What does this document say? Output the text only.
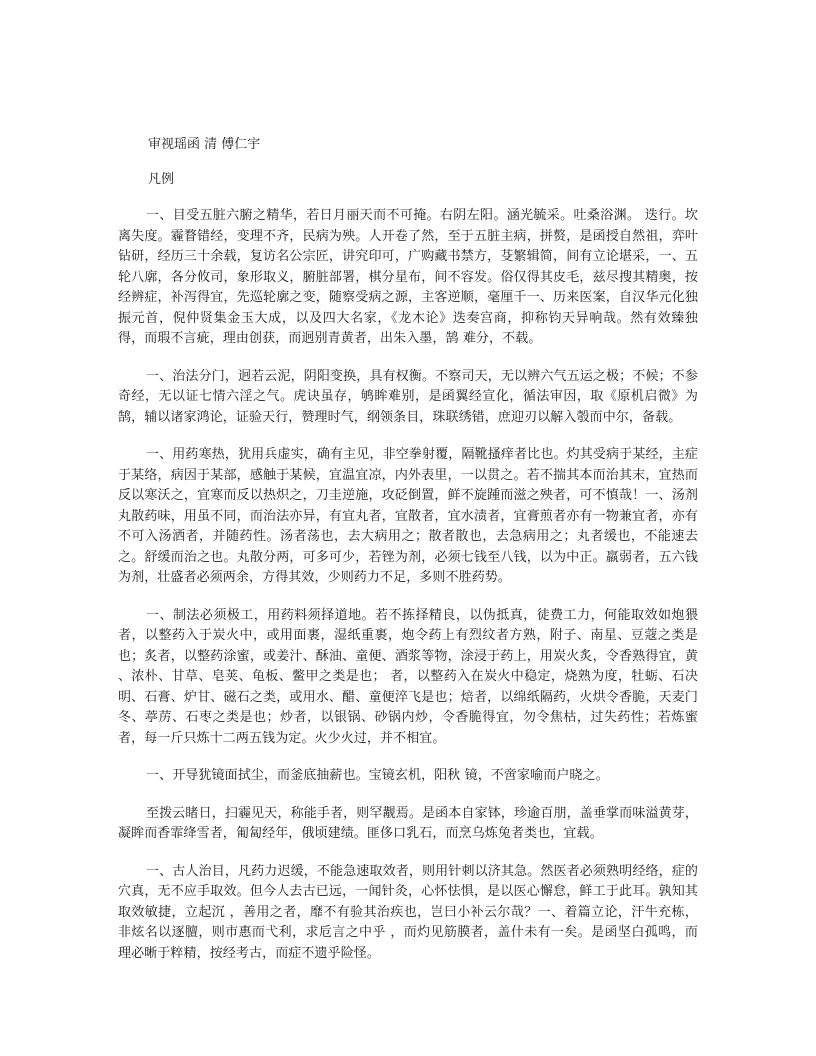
审视瑶函 清 傅仁宇
凡例

一、目受五脏六腑之精华，若日月丽天而不可掩。右阴左阳。涵光毓采。吐桑浴渊。 迭行。坎离失度。霾瞀错经，变理不齐，民病为殃。人开卷了然，至于五脏主病，拼赘，是函授自然祖，弈叶钻研，经历三十余载，复访名公宗匠，讲究印可，广购藏书禁方，芟繁辑简，间有立论堪采，一、五轮八廓，各分攸司，象形取义，腑脏部署，棋分星布，间不容发。俗仅得其皮毛，兹尽搜其精奥，按经辨症，补泻得宜，先巡轮廓之变，随察受病之源，主客逆顺，毫厘千一、历来医案，自汉华元化独振元首，倪仲贤集金玉大成，以及四大名家，《龙木论》迭奏宫商，抑称钧天异响哉。然有效臻独得，而瑕不言疵，理由创获，而迥别青黄者，出朱入墨，鹄 难分，不载。

一、治法分门，迥若云泥，阴阳变换，具有权衡。不察司天，无以辨六气五运之极；不候；不参奇经，无以证七情六淫之气。虎诀虽存，鸲眸难别，是函翼经宣化，循法审因，取《原机启微》为鹄，辅以诸家鸿论，证验天行，赞理时气，纲领条目，珠联绣错，庶迎刃以解入彀而中尔，备载。

一、用药寒热，犹用兵虚实，确有主见，非空拳射覆，隔靴搔痒者比也。灼其受病于某经，主症于某络，病因于某部，感触于某候，宜温宜凉，内外表里，一以贯之。若不揣其本而治其末，宜热而反以寒沃之，宜寒而反以热炽之，刀圭逆施，攻砭倒置，鲜不旋踵而滋之殃者，可不慎哉！一、汤剂丸散药味，用虽不同，而治法亦异，有宜丸者，宜散者，宜水渍者，宜膏煎者亦有一物兼宜者，亦有不可入汤洒者，并随药性。汤者荡也，去大病用之；散者散也，去急病用之；丸者缓也，不能速去之。舒缓而治之也。丸散分两，可多可少，若锉为剂，必须七钱至八钱，以为中正。羸弱者，五六钱为剂，壮盛者必须两余，方得其效，少则药力不足，多则不胜药势。

一、制法必须极工，用药料须择道地。若不拣择精良，以伪抵真，徒费工力，何能取效如炮猥者，以整药入于炭火中，或用面裹，湿纸重裹，炮令药上有烈纹者方熟，附子、南星、豆蔻之类是也；炙者，以整药涂蜜，或姜汁、酥油、童便、酒浆等物，涂浸于药上，用炭火炙，令香熟得宜，黄 、浓朴、甘草、皂荚、龟板、鳖甲之类是也； 者，以整药入在炭火中稳定，烧熟为度，牡蛎、石决明、石膏、炉甘、磁石之类，或用水、醋、童便淬飞是也；焙者，以绵纸隔药，火烘令香脆，天麦门冬、葶苈、石枣之类是也；炒者，以银锅、砂锅内炒，令香脆得宜，勿令焦枯，过失药性；若炼蜜者，每一斤只炼十二两五钱为定。火少火过，并不相宜。

一、开导犹镜面拭尘，而釜底抽薪也。宝镜玄机，阳秋 镜，不啻家喻而户晓之。

至拨云睹日，扫霾见天，称能手者，则罕觏焉。是函本自家钵，珍逾百朋，盖垂掌而味溢黄芽，凝眸而香霏绛雪者，匍匐经年，俄顷建绩。匪侈口乳石，而烹乌炼兔者类也，宜载。

一、古人治目，凡药力迟缓，不能急速取效者，则用针刺以济其急。然医者必须熟明经络，症的穴真，无不应手取效。但今人去古已远，一闻针灸，心怀怯惧，是以医心懈怠，鲜工于此耳。孰知其取效敏捷，立起沉 ，善用之者，靡不有验其治疾也，岂曰小补云尔哉？一、着篇立论，汗牛充栋，非炫名以逐膻，则市惠而弋利，求卮言之中乎 ，而灼见筋膜者，盖什未有一矣。是函坚白孤鸣，而理必晰于粹精，按经考古，而症不遗乎险怪。
